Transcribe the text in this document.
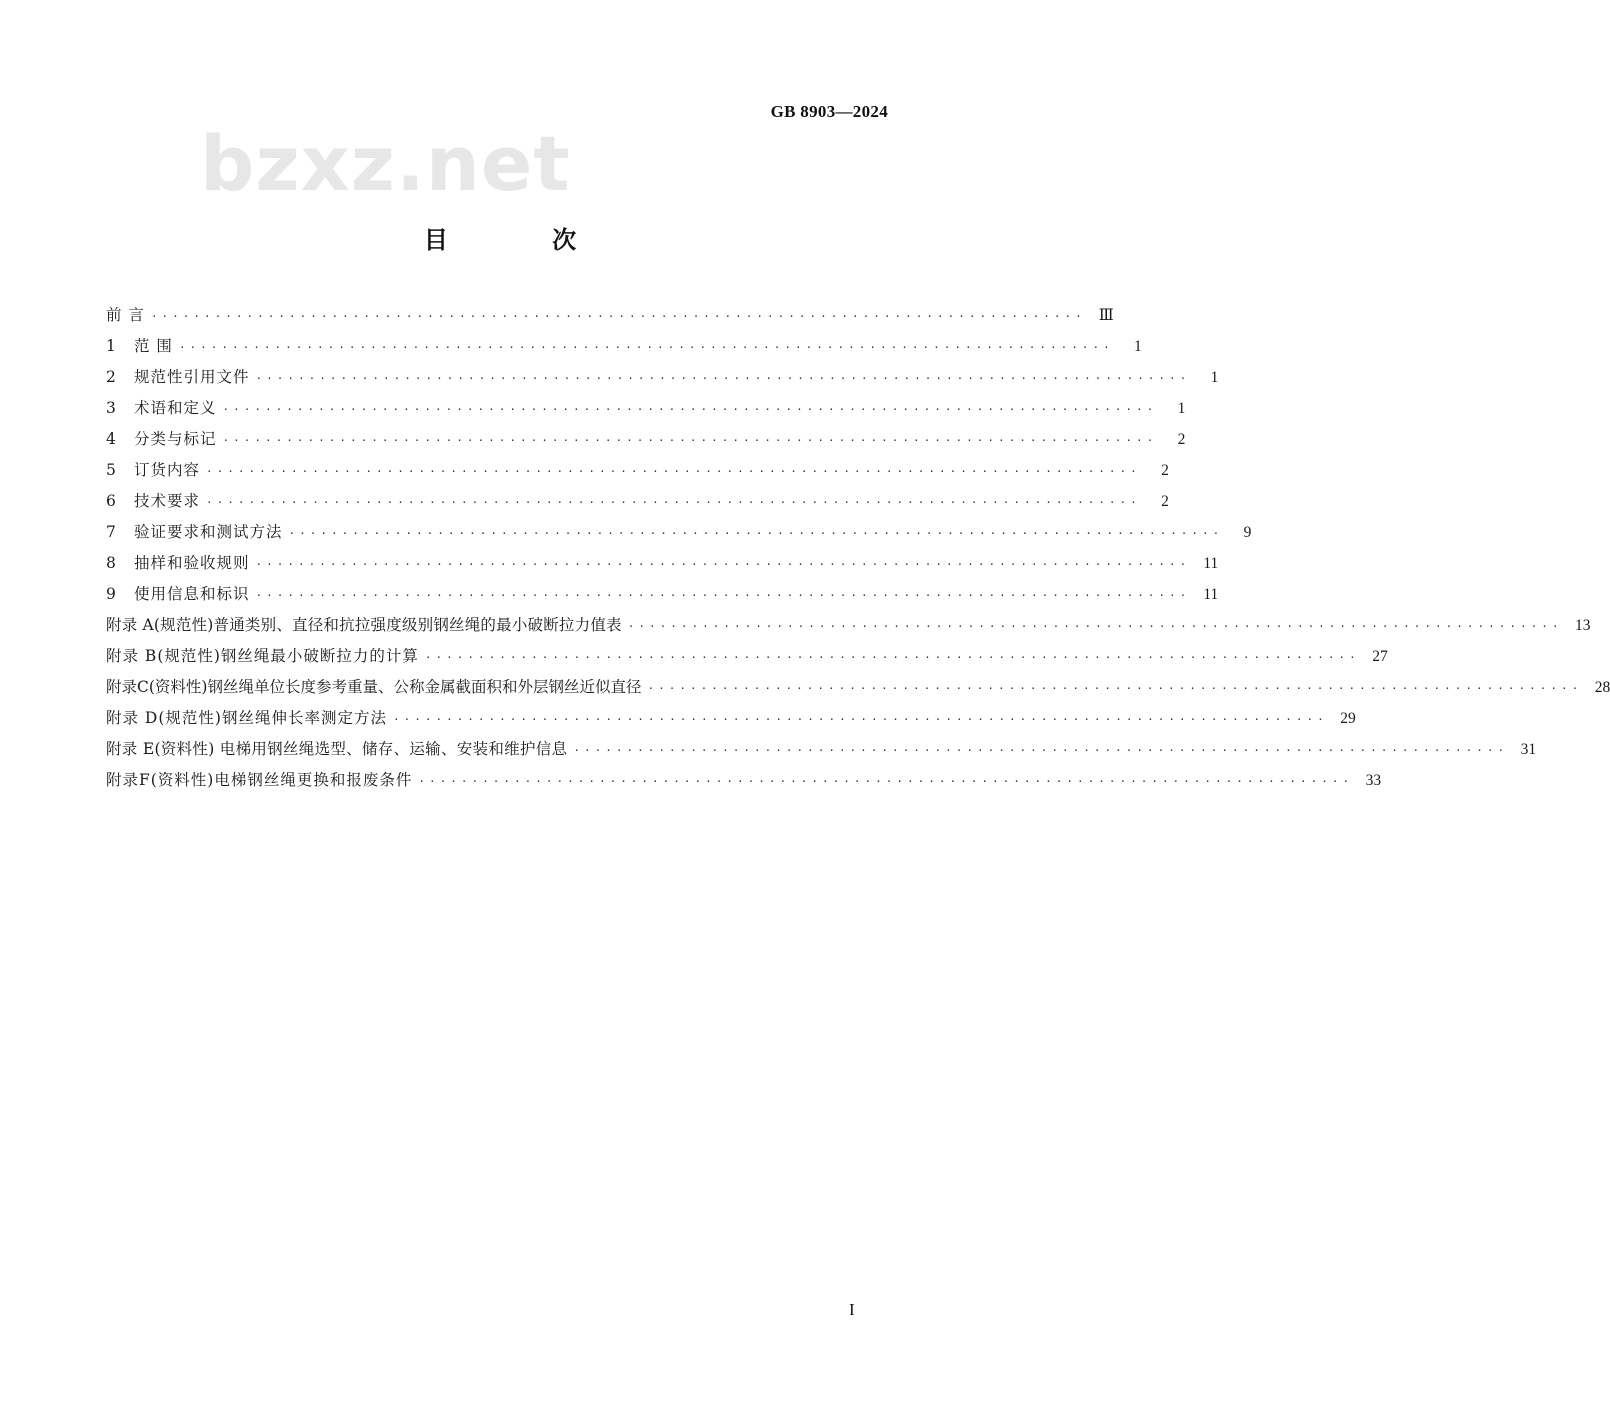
GB 8903—2024
bzxz.net
目 次
前 言 ························································································ Ⅲ
1	范 围 ························································································	1
2	规范性引用文件 ························································································	1
3	术语和定义 ························································································	1
4	分类与标记 ························································································	2
5	订货内容 ························································································	2
6	技术要求 ························································································	2
7	验证要求和测试方法 ························································································	9
8	抽样和验收规则 ························································································ 11
9	使用信息和标识 ························································································ 11
附录 A(规范性)普通类别、直径和抗拉强度级别钢丝绳的最小破断拉力值表 ························································································ 13
附录 B(规范性)钢丝绳最小破断拉力的计算 ························································································ 27
附录C(资料性)钢丝绳单位长度参考重量、公称金属截面积和外层钢丝近似直径 ························································································ 28
附录 D(规范性)钢丝绳伸长率测定方法 ························································································ 29
附录 E(资料性) 电梯用钢丝绳选型、储存、运输、安装和维护信息 ························································································ 31
附录F(资料性)电梯钢丝绳更换和报废条件 ························································································ 33
I
